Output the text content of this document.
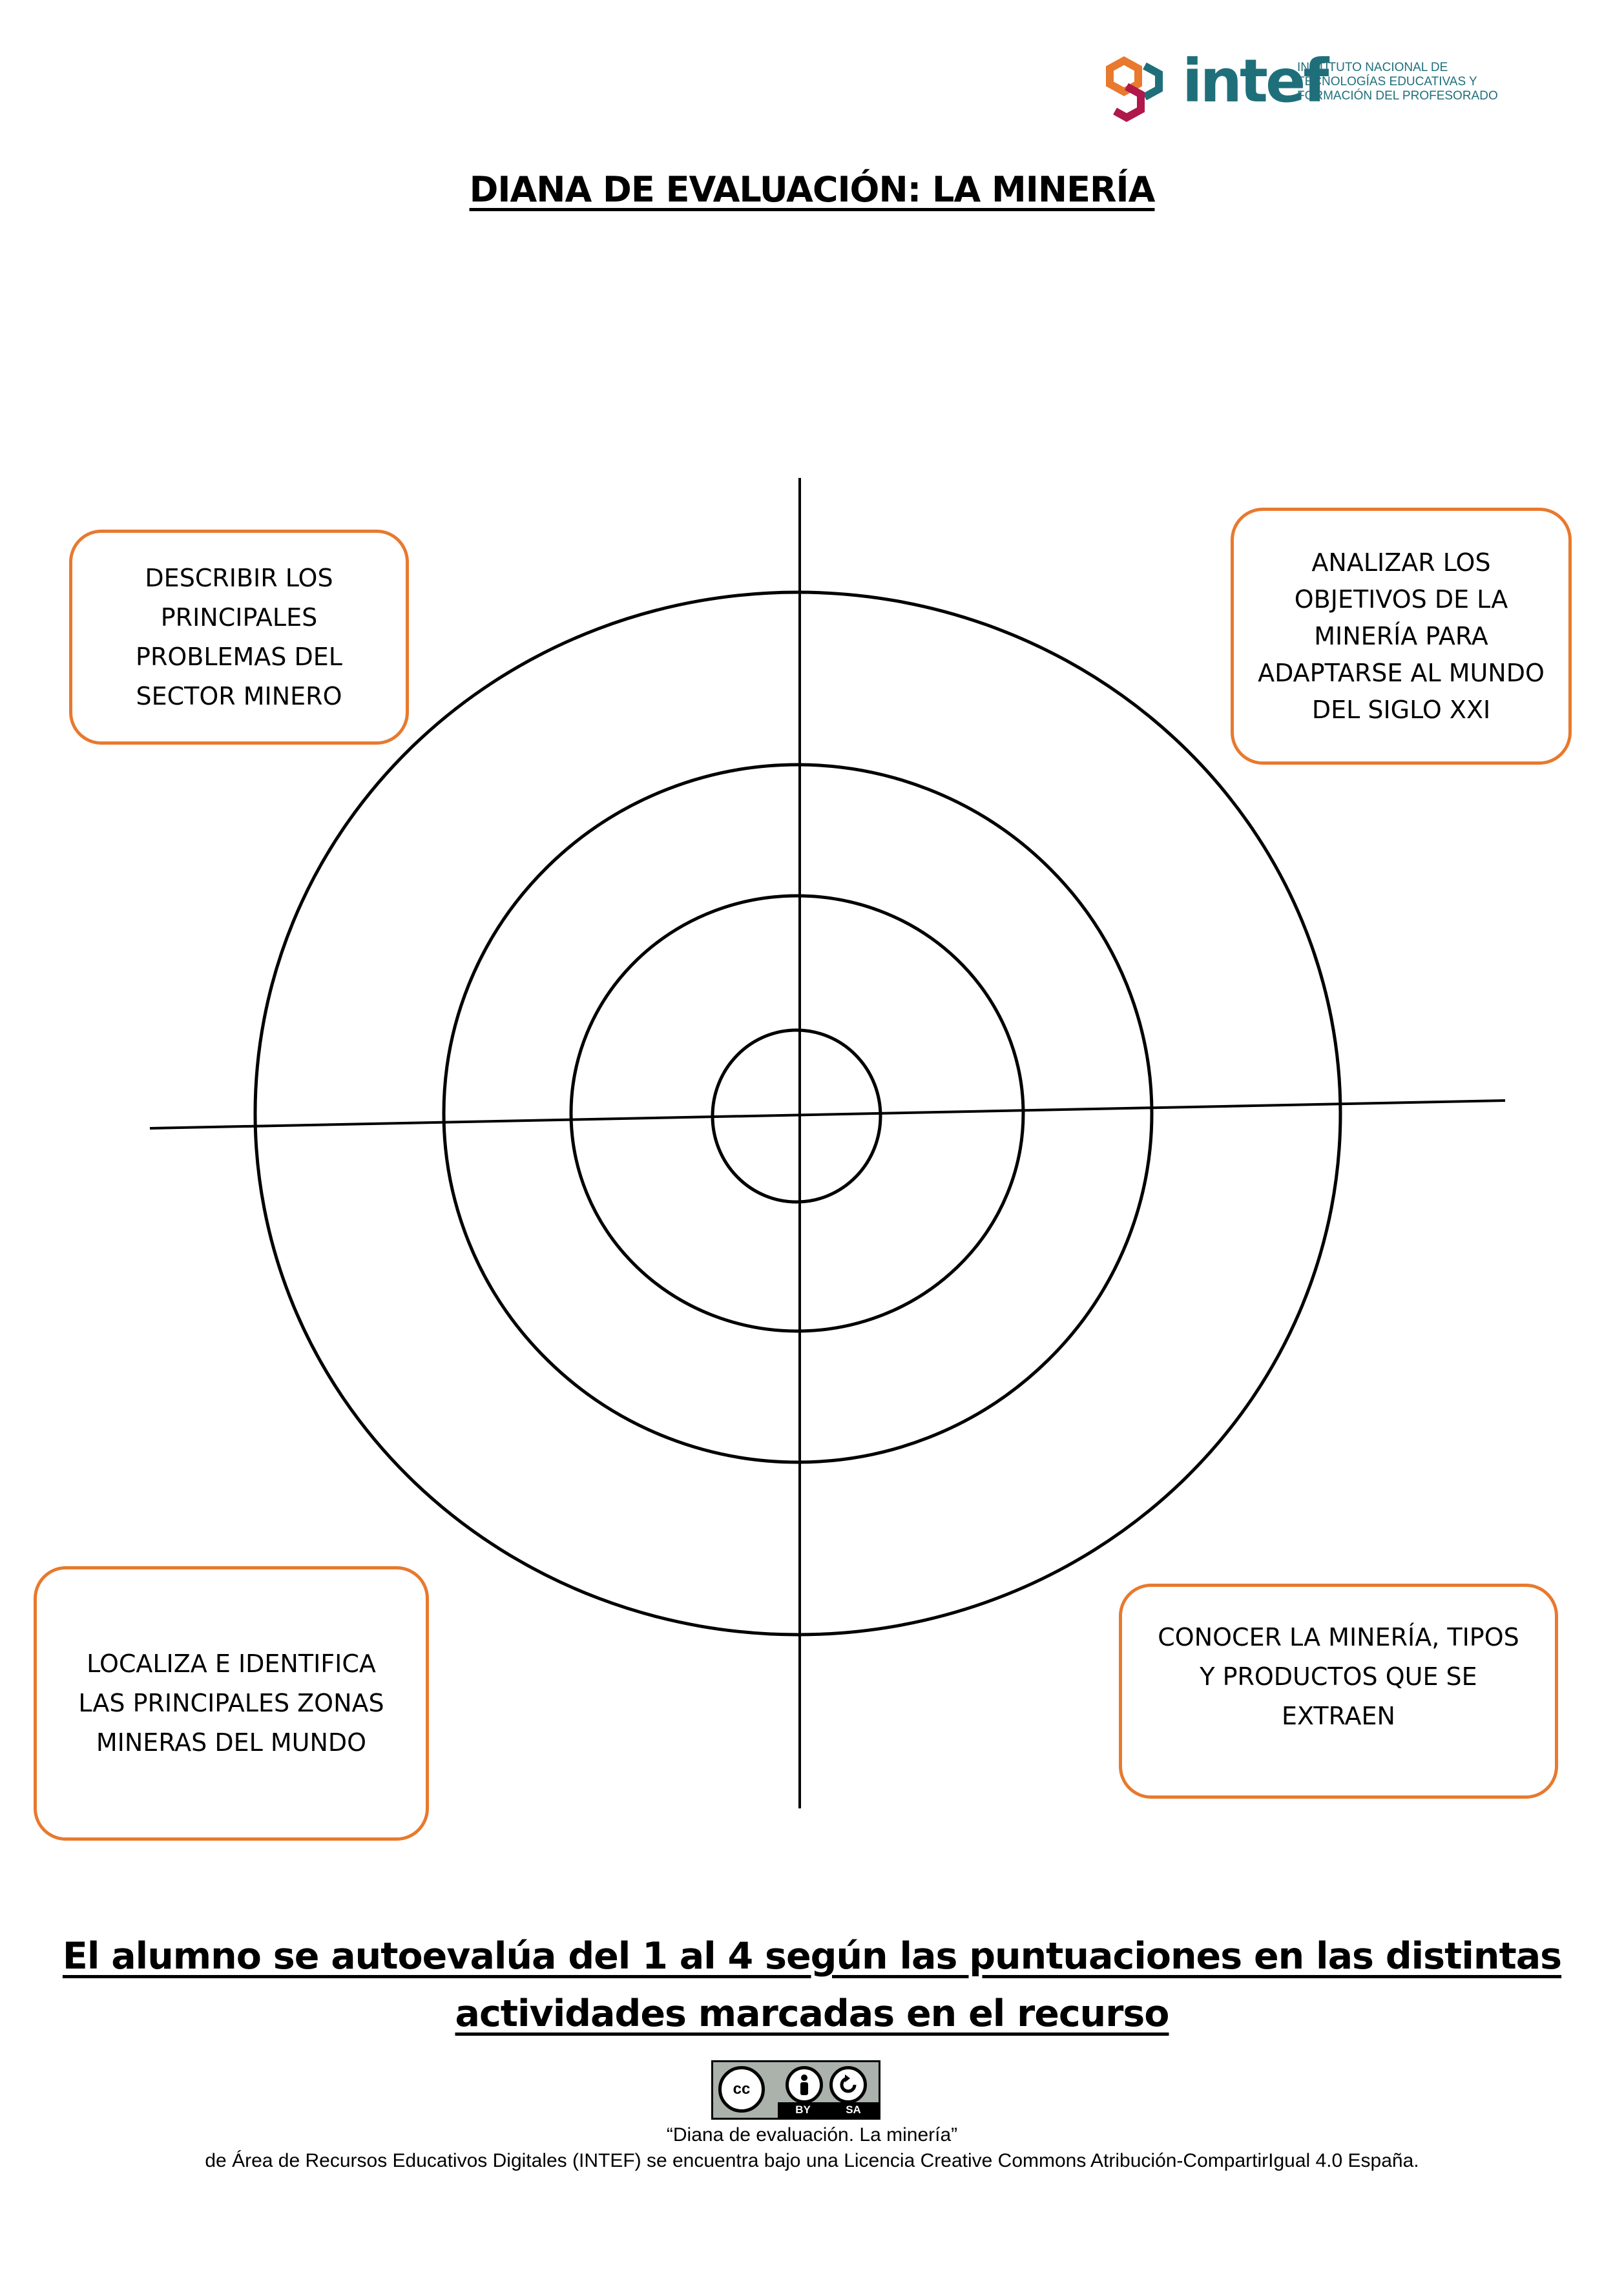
intef
INSTITUTO NACIONAL DE
TECNOLOGÍAS EDUCATIVAS Y
FORMACIÓN DEL PROFESORADO
DIANA DE EVALUACIÓN: LA MINERÍA
DESCRIBIR LOS
PRINCIPALES
PROBLEMAS DEL
SECTOR MINERO
ANALIZAR LOS
OBJETIVOS DE LA
MINERÍA PARA
ADAPTARSE AL MUNDO
DEL SIGLO XXI
LOCALIZA E IDENTIFICA
LAS PRINCIPALES ZONAS
MINERAS DEL MUNDO
CONOCER LA MINERÍA, TIPOS
Y PRODUCTOS QUE SE
EXTRAEN
El alumno se autoevalúa del 1 al 4 según las puntuaciones en las distintas
actividades marcadas en el recurso
cc
BY	SA
“Diana de evaluación. La minería”
de Área de Recursos Educativos Digitales (INTEF) se encuentra bajo una Licencia Creative Commons Atribución-CompartirIgual 4.0 España.
